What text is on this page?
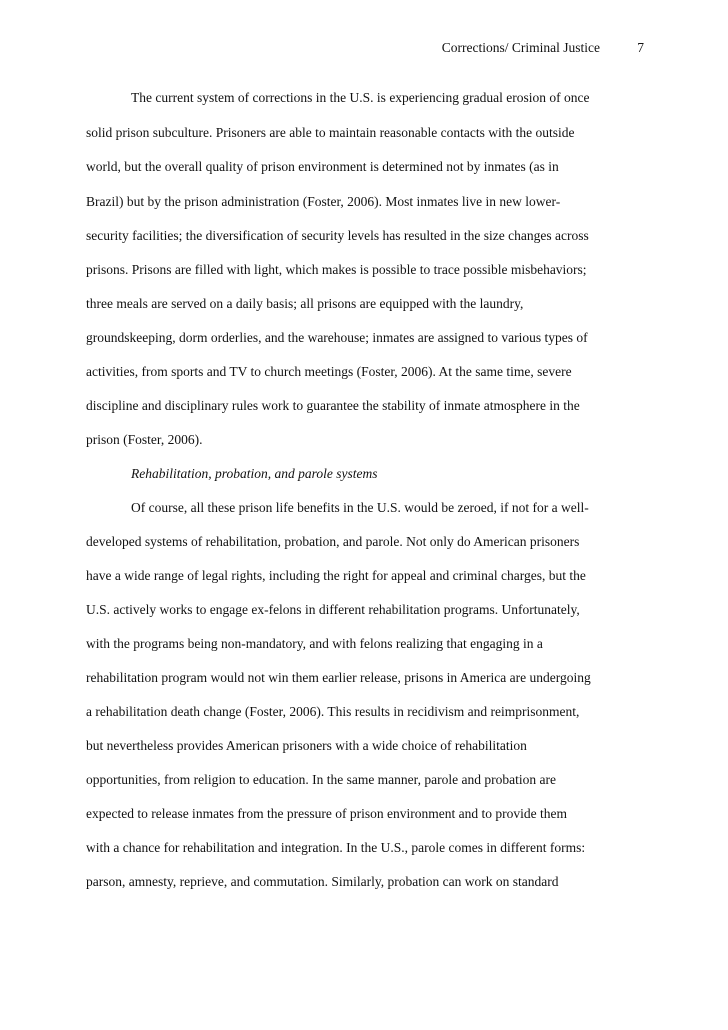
Corrections/ Criminal Justice	7
The current system of corrections in the U.S. is experiencing gradual erosion of once
solid prison subculture. Prisoners are able to maintain reasonable contacts with the outside
world, but the overall quality of prison environment is determined not by inmates (as in
Brazil) but by the prison administration (Foster, 2006). Most inmates live in new lower-
security facilities; the diversification of security levels has resulted in the size changes across
prisons. Prisons are filled with light, which makes is possible to trace possible misbehaviors;
three meals are served on a daily basis; all prisons are equipped with the laundry,
groundskeeping, dorm orderlies, and the warehouse; inmates are assigned to various types of
activities, from sports and TV to church meetings (Foster, 2006). At the same time, severe
discipline and disciplinary rules work to guarantee the stability of inmate atmosphere in the
prison (Foster, 2006).
Rehabilitation, probation, and parole systems
Of course, all these prison life benefits in the U.S. would be zeroed, if not for a well-
developed systems of rehabilitation, probation, and parole. Not only do American prisoners
have a wide range of legal rights, including the right for appeal and criminal charges, but the
U.S. actively works to engage ex-felons in different rehabilitation programs. Unfortunately,
with the programs being non-mandatory, and with felons realizing that engaging in a
rehabilitation program would not win them earlier release, prisons in America are undergoing
a rehabilitation death change (Foster, 2006). This results in recidivism and reimprisonment,
but nevertheless provides American prisoners with a wide choice of rehabilitation
opportunities, from religion to education. In the same manner, parole and probation are
expected to release inmates from the pressure of prison environment and to provide them
with a chance for rehabilitation and integration. In the U.S., parole comes in different forms:
parson, amnesty, reprieve, and commutation. Similarly, probation can work on standard
